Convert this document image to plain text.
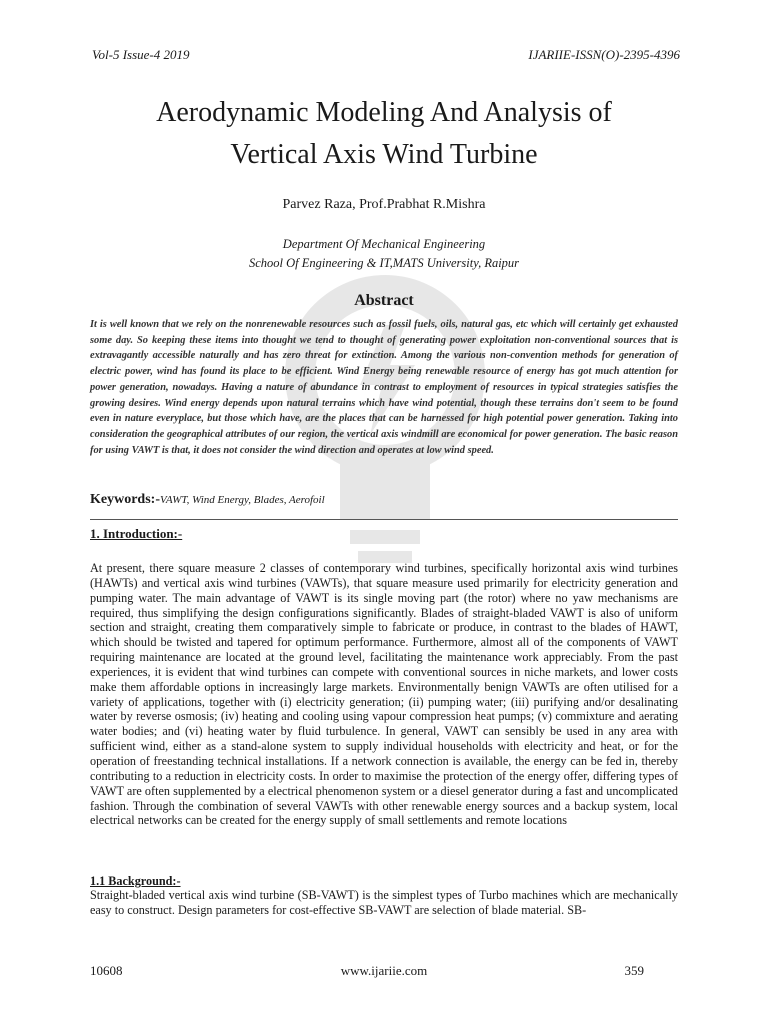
Vol-5 Issue-4 2019	IJARIIE-ISSN(O)-2395-4396
Aerodynamic Modeling And Analysis of
Vertical Axis Wind Turbine
Parvez Raza, Prof.Prabhat R.Mishra
Department Of Mechanical Engineering
School Of Engineering & IT,MATS University, Raipur
Abstract
It is well known that we rely on the nonrenewable resources such as fossil fuels, oils, natural gas, etc which will certainly get exhausted some day. So keeping these items into thought we tend to thought of generating power exploitation non-conventional sources that is extravagantly accessible naturally and has zero threat for extinction. Among the various non-convention methods for generation of electric power, wind has found its place to be efficient. Wind Energy being renewable resource of energy has got much attention for power generation, nowadays. Having a nature of abundance in contrast to employment of resources in typical strategies satisfies the growing desires. Wind energy depends upon natural terrains which have wind potential, though these terrains don't seem to be found even in nature everyplace, but those which have, are the places that can be harnessed for high potential power generation. Taking into consideration the geographical attributes of our region, the vertical axis windmill are economical for power generation. The basic reason for using VAWT is that, it does not consider the wind direction and operates at low wind speed.
Keywords:-VAWT, Wind Energy, Blades, Aerofoil
1. Introduction:-
At present, there square measure 2 classes of contemporary wind turbines, specifically horizontal axis wind turbines (HAWTs) and vertical axis wind turbines (VAWTs), that square measure used primarily for electricity generation and pumping water. The main advantage of VAWT is its single moving part (the rotor) where no yaw mechanisms are required, thus simplifying the design configurations significantly. Blades of straight-bladed VAWT is also of uniform section and straight, creating them comparatively simple to fabricate or produce, in contrast to the blades of HAWT, which should be twisted and tapered for optimum performance. Furthermore, almost all of the components of VAWT requiring maintenance are located at the ground level, facilitating the maintenance work appreciably. From the past experiences, it is evident that wind turbines can compete with conventional sources in niche markets, and lower costs make them affordable options in increasingly large markets. Environmentally benign VAWTs are often utilised for a variety of applications, together with (i) electricity generation; (ii) pumping water; (iii) purifying and/or desalinating water by reverse osmosis; (iv) heating and cooling using vapour compression heat pumps; (v) commixture and aerating water bodies; and (vi) heating water by fluid turbulence. In general, VAWT can sensibly be used in any area with sufficient wind, either as a stand-alone system to supply individual households with electricity and heat, or for the operation of freestanding technical installations. If a network connection is available, the energy can be fed in, thereby contributing to a reduction in electricity costs. In order to maximise the protection of the energy offer, differing types of VAWT are often supplemented by a electrical phenomenon system or a diesel generator during a fast and uncomplicated fashion. Through the combination of several VAWTs with other renewable energy sources and a backup system, local electrical networks can be created for the energy supply of small settlements and remote locations
1.1 Background:-
Straight-bladed vertical axis wind turbine (SB-VAWT) is the simplest types of Turbo machines which are mechanically easy to construct. Design parameters for cost-effective SB-VAWT are selection of blade material. SB-
10608	www.ijariie.com	359
